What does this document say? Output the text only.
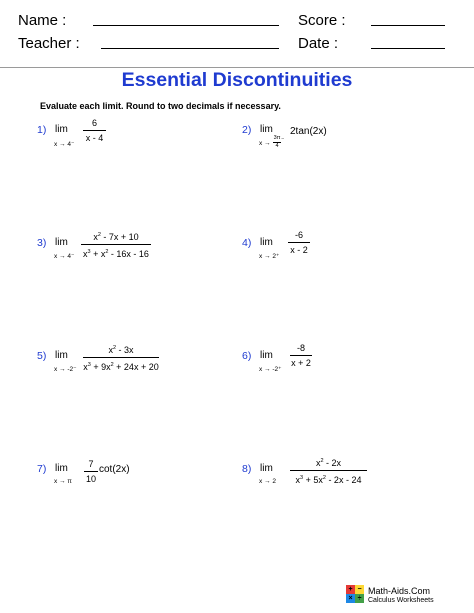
Name :	Score :
Teacher :	Date :
Essential Discontinuities
Evaluate each limit. Round to two decimals if necessary.
1) lim
x → 4⁻
6
x - 4
2) lim
x →
3π
4
⁻
2tan(2x)
3) lim
x → 4⁻
$x^2 - 7x + 10$
$x^3 + x^2 - 16x - 16$
4) lim
x → 2⁺
-6
x - 2
5) lim
x → -2⁻
$x^2 - 3x$
$x^3 + 9x^2 + 24x + 20$
6) lim
x → -2⁺
-8
x + 2
7) lim
x → π
7
10
cot(2x)	8) lim
x → 2
$x^2 - 2x$
$x^3 + 5x^2 - 2x - 24$
+ −
× ÷
Math-Aids.Com
Calculus Worksheets
